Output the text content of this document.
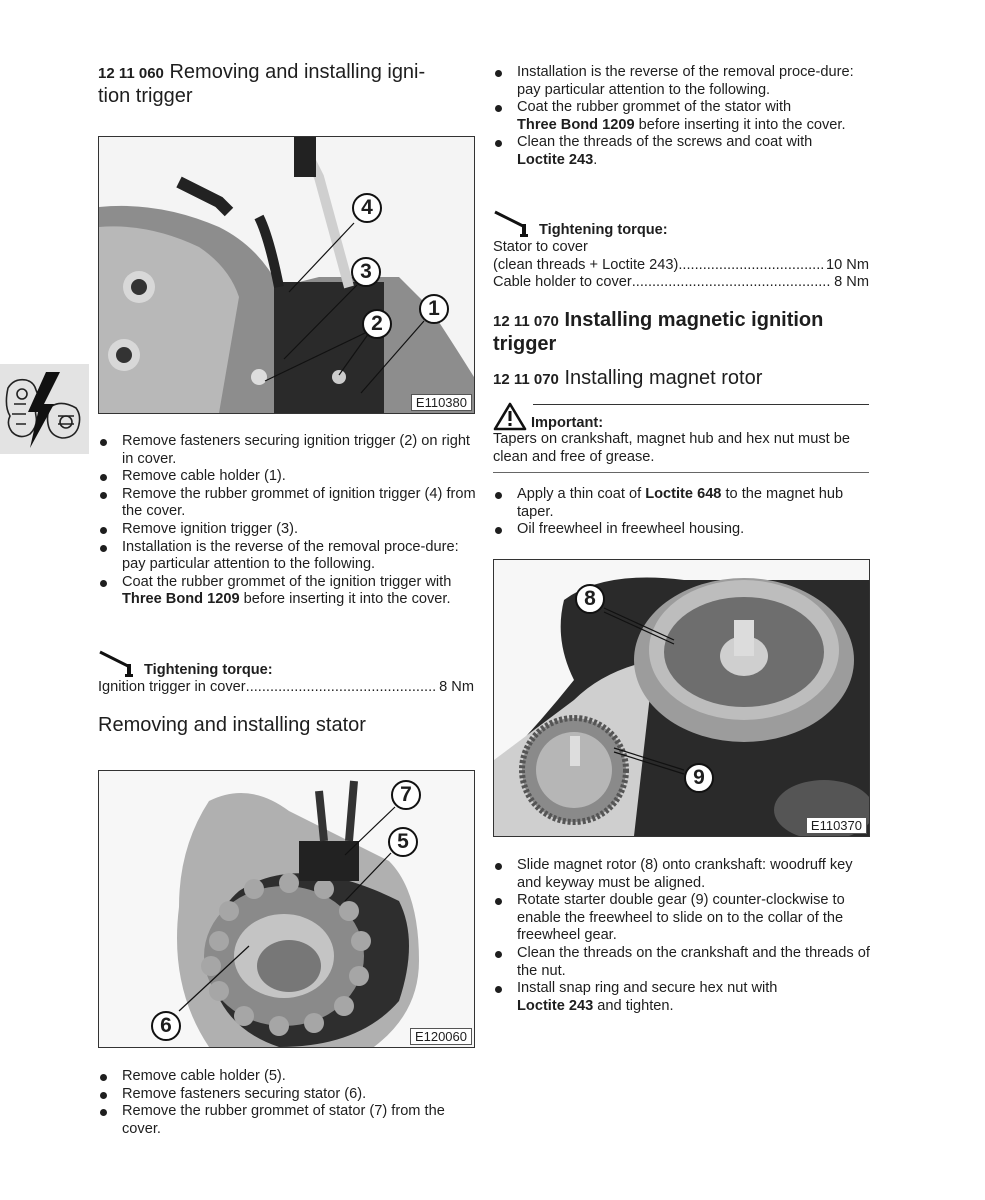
12 11 060 Removing and installing igni-
tion trigger
4
3
2
1
E110380
Remove fasteners securing ignition trigger (2) on right in cover.
Remove cable holder (1).
Remove the rubber grommet of ignition trigger (4) from the cover.
Remove ignition trigger (3).
Installation is the reverse of the removal proce-dure: pay particular attention to the following.
Coat the rubber grommet of the ignition trigger with Three Bond 1209 before inserting it into the cover.
Tightening torque:
Ignition trigger in cover .....	8 Nm
Removing and installing stator
7
5
6	E120060
Remove cable holder (5).
Remove fasteners securing stator (6).
Remove the rubber grommet of stator (7) from the cover.
Installation is the reverse of the removal proce-dure: pay particular attention to the following.
Coat the rubber grommet of the stator with
Three Bond 1209 before inserting it into the cover.
Clean the threads of the screws and coat with
Loctite 243.
Tightening torque:
Stator to cover
(clean threads + Loctite 243) .....	10 Nm
Cable holder to cover .....	8 Nm
12 11 070 Installing magnetic ignition
trigger
12 11 070 Installing magnet rotor
Important:
Tapers on crankshaft, magnet hub and hex nut must be clean and free of grease.
Apply a thin coat of Loctite 648 to the magnet hub taper.
Oil freewheel in freewheel housing.
8
9
E110370
Slide magnet rotor (8) onto crankshaft: woodruff key and keyway must be aligned.
Rotate starter double gear (9) counter-clockwise to enable the freewheel to slide on to the collar of the freewheel gear.
Clean the threads on the crankshaft and the threads of the nut.
Install snap ring and secure hex nut with
Loctite 243 and tighten.
